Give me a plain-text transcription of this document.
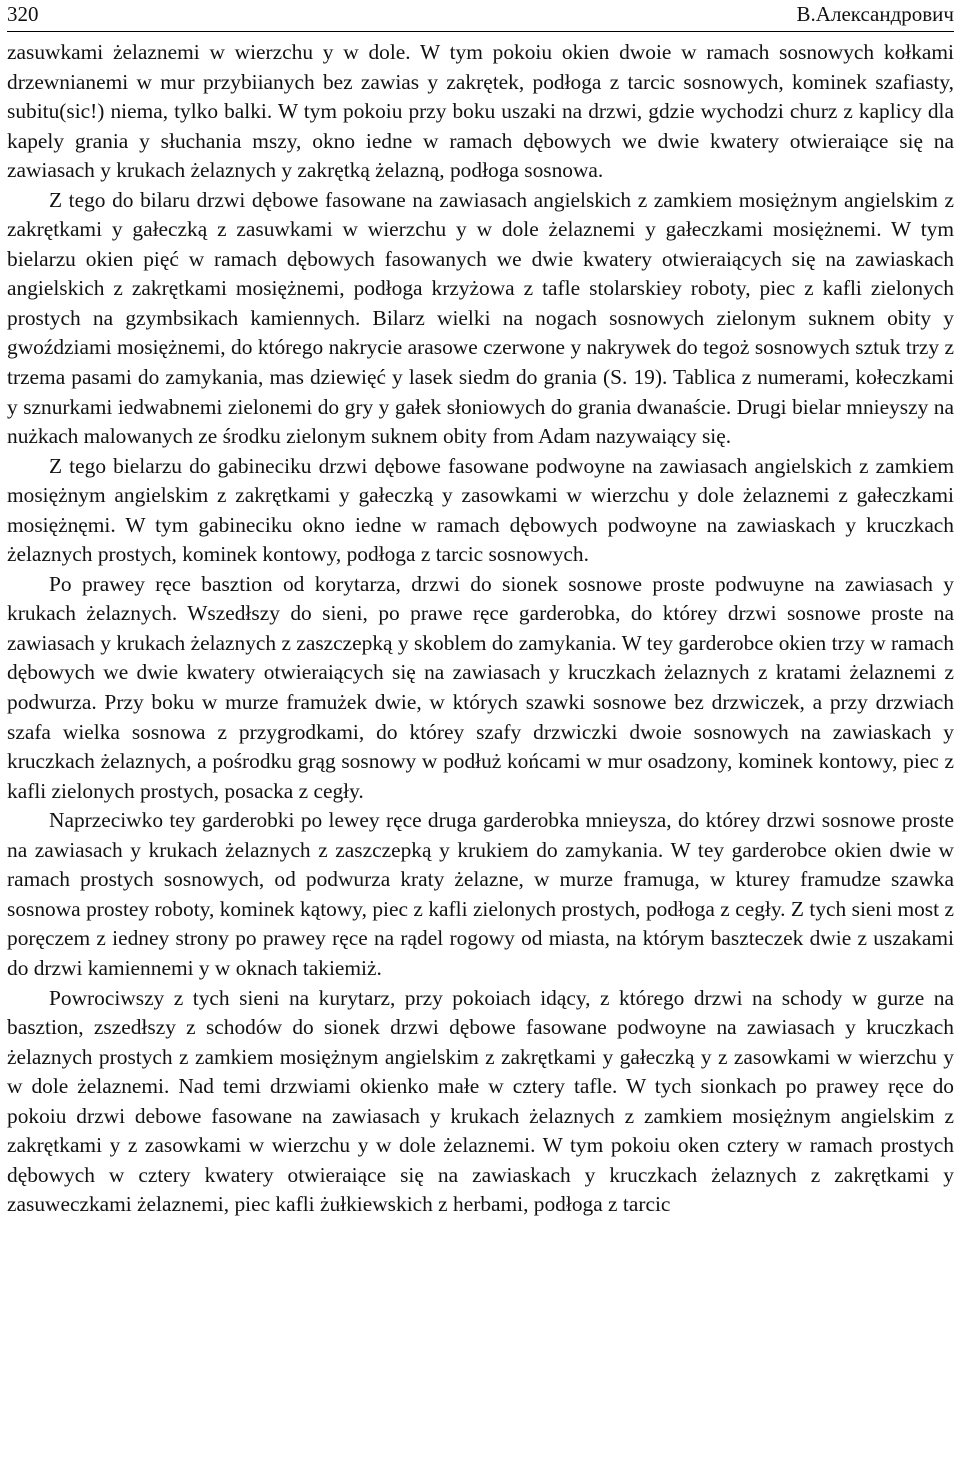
320	B.Александрович

zasuwkami żelaznemi w wierzchu y w dole. W tym pokoiu okien dwoie w ramach sosnowych kołkami drzewnianemi w mur przybiianych bez zawias y zakrętek, podłoga z tarcic sosnowych, kominek szafiasty, subitu(sic!) niema, tylko balki. W tym pokoiu przy boku uszaki na drzwi, gdzie wychodzi churz z kaplicy dla kapely grania y słuchania mszy, okno iedne w ramach dębowych we dwie kwatery otwieraiące się na zawiasach y krukach żelaznych y zakrętką żelazną, podłoga sosnowa.

Z tego do bilaru drzwi dębowe fasowane na zawiasach angielskich z zamkiem mosiężnym angielskim z zakrętkami y gałeczką z zasuwkami w wierzchu y w dole żelaznemi y gałeczkami mosiężnemi. W tym bielarzu okien pięć w ramach dębowych fasowanych we dwie kwatery otwieraiących się na zawiaskach angielskich z zakrętkami mosiężnemi, podłoga krzyżowa z tafle stolarskiey roboty, piec z kafli zielonych prostych na gzymbsikach kamiennych. Bilarz wielki na nogach sosnowych zielonym suknem obity y gwoździami mosiężnemi, do którego nakrycie arasowe czerwone y nakrywek do tegoż sosnowych sztuk trzy z trzema pasami do zamykania, mas dziewięć y lasek siedm do grania (S. 19). Tablica z numerami, kołeczkami y sznurkami iedwabnemi zielonemi do gry y gałek słoniowych do grania dwanaście. Drugi bielar mnieyszy na nużkach malowanych ze środku zielonym suknem obity from Adam nazywaiący się.

Z tego bielarzu do gabineciku drzwi dębowe fasowane podwoyne na zawiasach angielskich z zamkiem mosiężnym angielskim z zakrętkami y gałeczką y zasowkami w wierzchu y dole żelaznemi z gałeczkami mosiężnęmi. W tym gabineciku okno iedne w ramach dębowych podwoyne na zawiaskach y kruczkach żelaznych prostych, kominek kontowy, podłoga z tarcic sosnowych.

Po prawey ręce basztion od korytarza, drzwi do sionek sosnowe proste podwuyne na zawiasach y krukach żelaznych. Wszedłszy do sieni, po prawe ręce garderobka, do którey drzwi sosnowe proste na zawiasach y krukach żelaznych z zaszczepką y skoblem do zamykania. W tey garderobce okien trzy w ramach dębowych we dwie kwatery otwieraiących się na zawiasach y kruczkach żelaznych z kratami żelaznemi z podwurza. Przy boku w murze framużek dwie, w których szawki sosnowe bez drzwiczek, a przy drzwiach szafa wielka sosnowa z przygrodkami, do którey szafy drzwiczki dwoie sosnowych na zawiaskach y kruczkach żelaznych, a pośrodku grąg sosnowy w podłuż końcami w mur osadzony, kominek kontowy, piec z kafli zielonych prostych, posacka z cegły.

Naprzeciwko tey garderobki po lewey ręce druga garderobka mnieysza, do którey drzwi sosnowe proste na zawiasach y krukach żelaznych z zaszczepką y krukiem do zamykania. W tey garderobce okien dwie w ramach prostych sosnowych, od podwurza kraty żelazne, w murze framuga, w kturey framudze szawka sosnowa prostey roboty, kominek kątowy, piec z kafli zielonych prostych, podłoga z cegły. Z tych sieni most z poręczem z iedney strony po prawey ręce na rądel rogowy od miasta, na którym baszteczek dwie z uszakami do drzwi kamiennemi y w oknach takiemiż.

Powrociwszy z tych sieni na kurytarz, przy pokoiach idący, z którego drzwi na schody w gurze na basztion, zszedłszy z schodów do sionek drzwi dębowe fasowane podwoyne na zawiasach y kruczkach żelaznych prostych z zamkiem mosiężnym angielskim z zakrętkami y gałeczką y z zasowkami w wierzchu y w dole żelaznemi. Nad temi drzwiami okienko małe w cztery tafle. W tych sionkach po prawey ręce do pokoiu drzwi debowe fasowane na zawiasach y krukach żelaznych z zamkiem mosiężnym angielskim z zakrętkami y z zasowkami w wierzchu y w dole żelaznemi. W tym pokoiu oken cztery w ramach prostych dębowych w cztery kwatery otwieraiące się na zawiaskach y kruczkach żelaznych z zakrętkami y zasuweczkami żelaznemi, piec kafli żułkiewskich z herbami, podłoga z tarcic
